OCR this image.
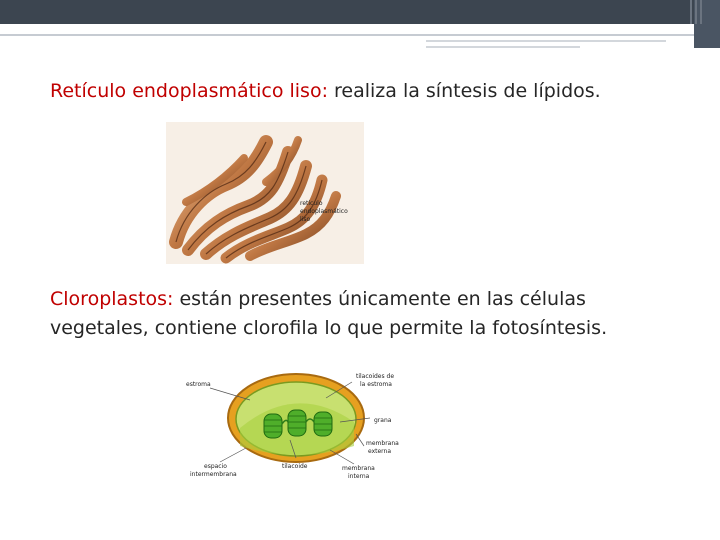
Retículo endoplasmático liso: realiza la síntesis de lípidos.
retículo endoplasmático liso
Cloroplastos: están presentes únicamente en las células
vegetales, contiene clorofila lo que permite la fotosíntesis.
estroma
tilacoides de
la estroma
grana
membrana
externa
espacio
intermembrana
tilacoide	membrana
interna
